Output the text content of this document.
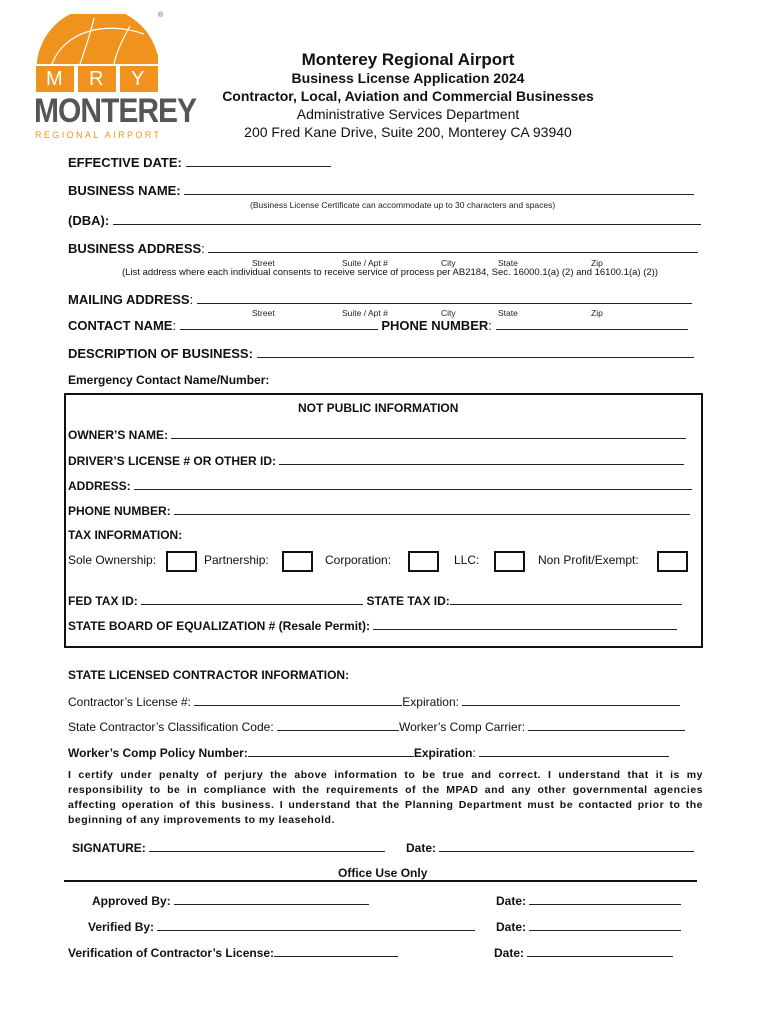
®
M R Y
MONTEREY
REGIONAL AIRPORT
Monterey Regional Airport
Business License Application 2024
Contractor, Local, Aviation and Commercial Businesses
Administrative Services Department
200 Fred Kane Drive, Suite 200, Monterey CA 93940
EFFECTIVE DATE:
BUSINESS NAME:
(Business License Certificate can accommodate up to 30 characters and spaces)
(DBA):
BUSINESS ADDRESS:
Street	Suite / Apt #	City	State	Zip
(List address where each individual consents to receive service of process per AB2184, Sec. 16000.1(a) (2) and 16100.1(a) (2))
MAILING ADDRESS:
Street	Suite / Apt #	City	State	Zip
CONTACT NAME:	PHONE NUMBER:
DESCRIPTION OF BUSINESS:
Emergency Contact Name/Number:
NOT PUBLIC INFORMATION
OWNER’S NAME:
DRIVER’S LICENSE # OR OTHER ID:
ADDRESS:
PHONE NUMBER:
TAX INFORMATION:
Sole Ownership:	Partnership:	Corporation:	LLC:	Non Profit/Exempt:
FED TAX ID:	STATE TAX ID:
STATE BOARD OF EQUALIZATION # (Resale Permit):
STATE LICENSED CONTRACTOR INFORMATION:
Contractor’s License #:	Expiration:
State Contractor’s Classification Code:	Worker’s Comp Carrier:
Worker’s Comp Policy Number:	Expiration:
I certify under penalty of perjury the above information to be true and correct. I understand that it is my responsibility to be in compliance with the requirements of the MPAD and any other governmental agencies affecting operation of this business. I understand that the Planning Department must be contacted prior to the beginning of any improvements to my leasehold.
SIGNATURE:	Date:
Office Use Only
Approved By:	Date:
Verified By:	Date:
Verification of Contractor’s License:	Date:
